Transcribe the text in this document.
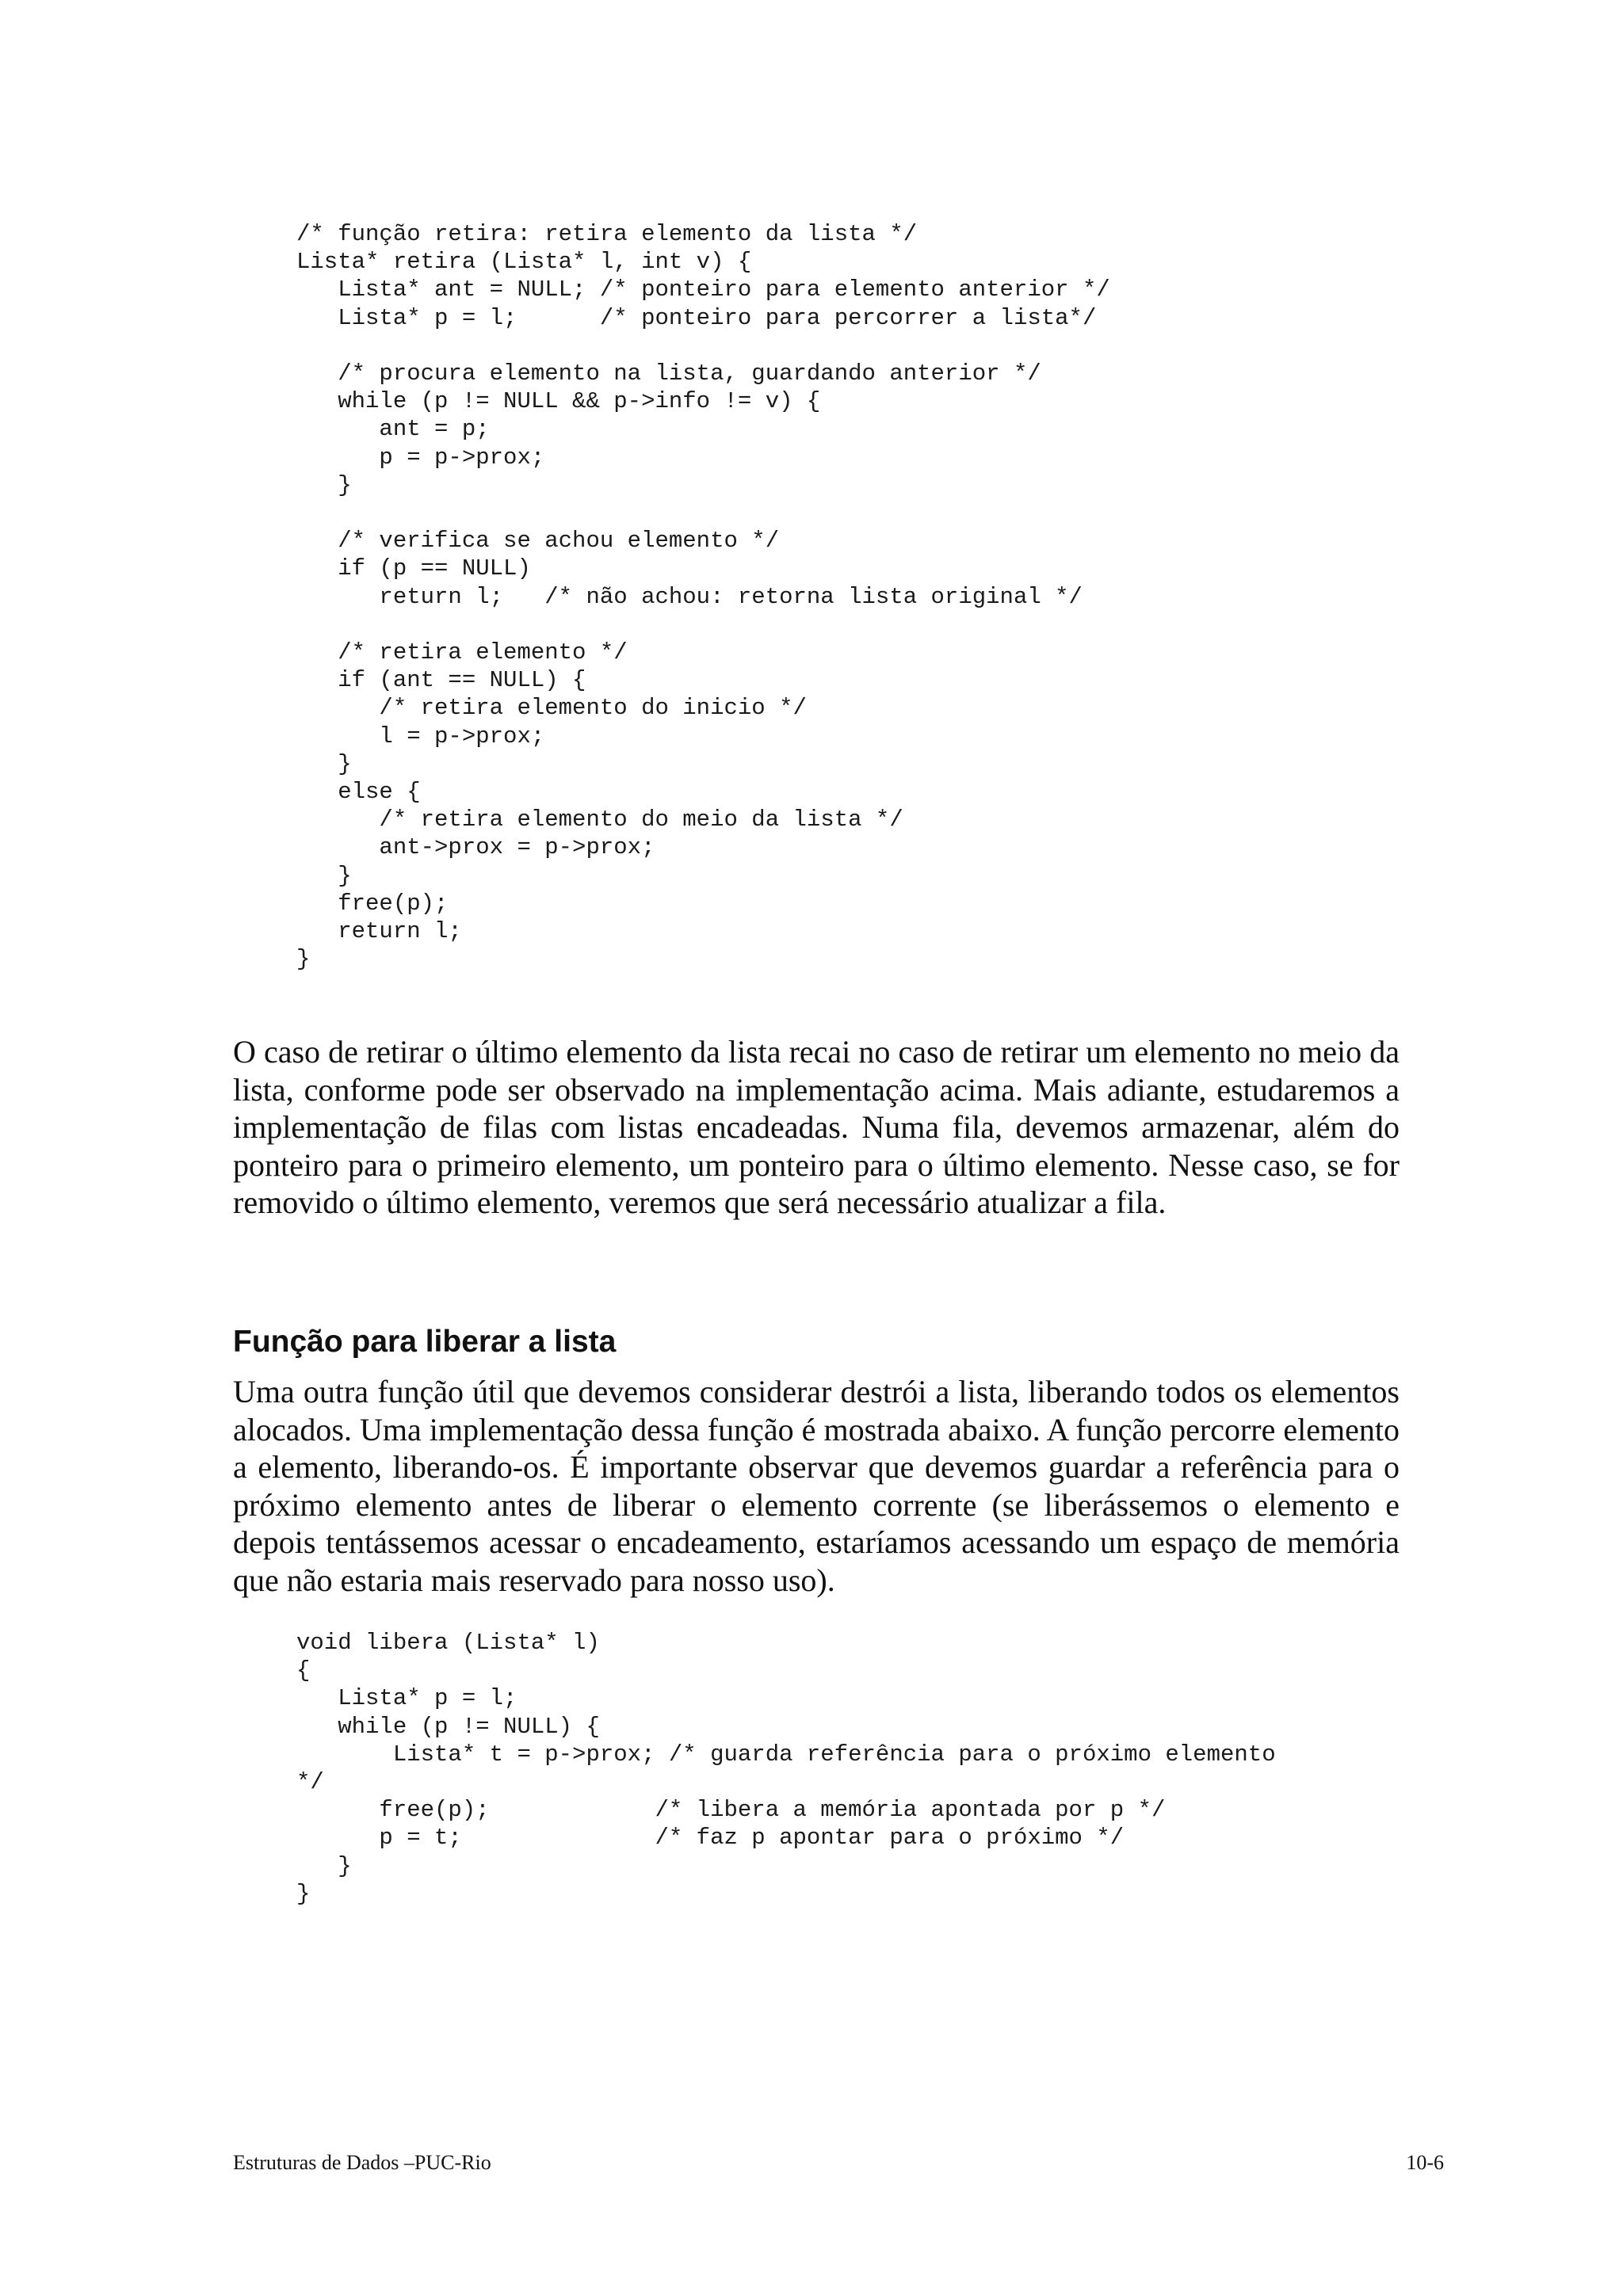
/* função retira: retira elemento da lista */
Lista* retira (Lista* l, int v) {
Lista* ant = NULL; /* ponteiro para elemento anterior */
Lista* p = l;      /* ponteiro para percorrer a lista*/

/* procura elemento na lista, guardando anterior */
while (p != NULL && p->info != v) {
ant = p;
p = p->prox;
}

/* verifica se achou elemento */
if (p == NULL)
return l;   /* não achou: retorna lista original */

/* retira elemento */
if (ant == NULL) {
/* retira elemento do inicio */
l = p->prox;
}
else {
/* retira elemento do meio da lista */
ant->prox = p->prox;
}
free(p);
return l;
}

O caso de retirar o último elemento da lista recai no caso de retirar um elemento no meio da lista, conforme pode ser observado na implementação acima. Mais adiante, estudaremos a implementação de filas com listas encadeadas. Numa fila, devemos armazenar, além do ponteiro para o primeiro elemento, um ponteiro para o último elemento. Nesse caso, se for removido o último elemento, veremos que será necessário atualizar a fila.

Função para liberar a lista

Uma outra função útil que devemos considerar destrói a lista, liberando todos os elementos alocados. Uma implementação dessa função é mostrada abaixo. A função percorre elemento a elemento, liberando-os. É importante observar que devemos guardar a referência para o próximo elemento antes de liberar o elemento corrente (se liberássemos o elemento e depois tentássemos acessar o encadeamento, estaríamos acessando um espaço de memória que não estaria mais reservado para nosso uso).

void libera (Lista* l)
{
Lista* p = l;
while (p != NULL) {
Lista* t = p->prox; /* guarda referência para o próximo elemento
*/
free(p);            /* libera a memória apontada por p */
p = t;              /* faz p apontar para o próximo */
}
}

Estruturas de Dados –PUC-Rio	10-6
